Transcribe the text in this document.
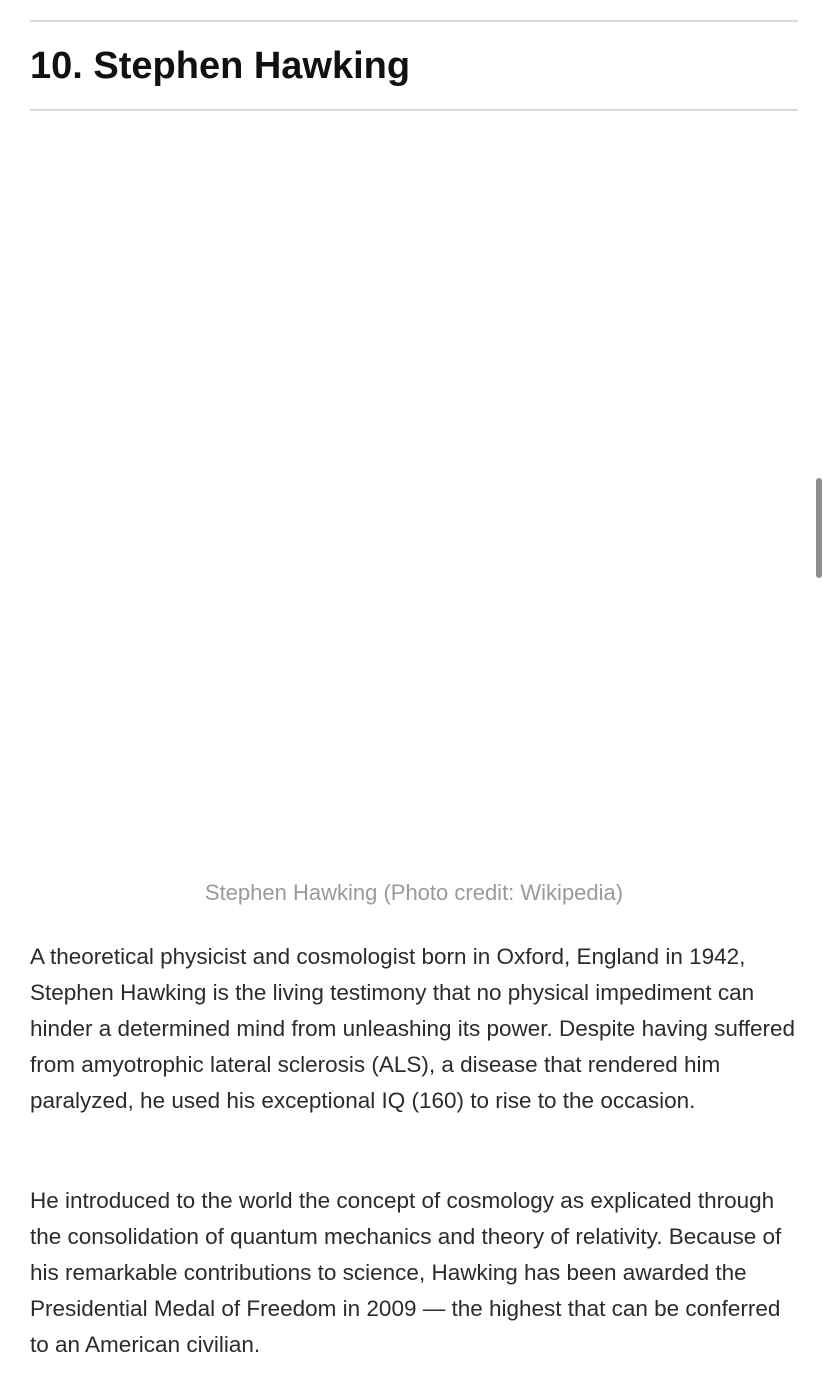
10. Stephen Hawking
Stephen Hawking (Photo credit: Wikipedia)

A theoretical physicist and cosmologist born in Oxford, England in 1942, Stephen Hawking is the living testimony that no physical impediment can hinder a determined mind from unleashing its power. Despite having suffered from amyotrophic lateral sclerosis (ALS), a disease that rendered him paralyzed, he used his exceptional IQ (160) to rise to the occasion.

He introduced to the world the concept of cosmology as explicated through the consolidation of quantum mechanics and theory of relativity. Because of his remarkable contributions to science, Hawking has been awarded the Presidential Medal of Freedom in 2009 — the highest that can be conferred to an American civilian.
